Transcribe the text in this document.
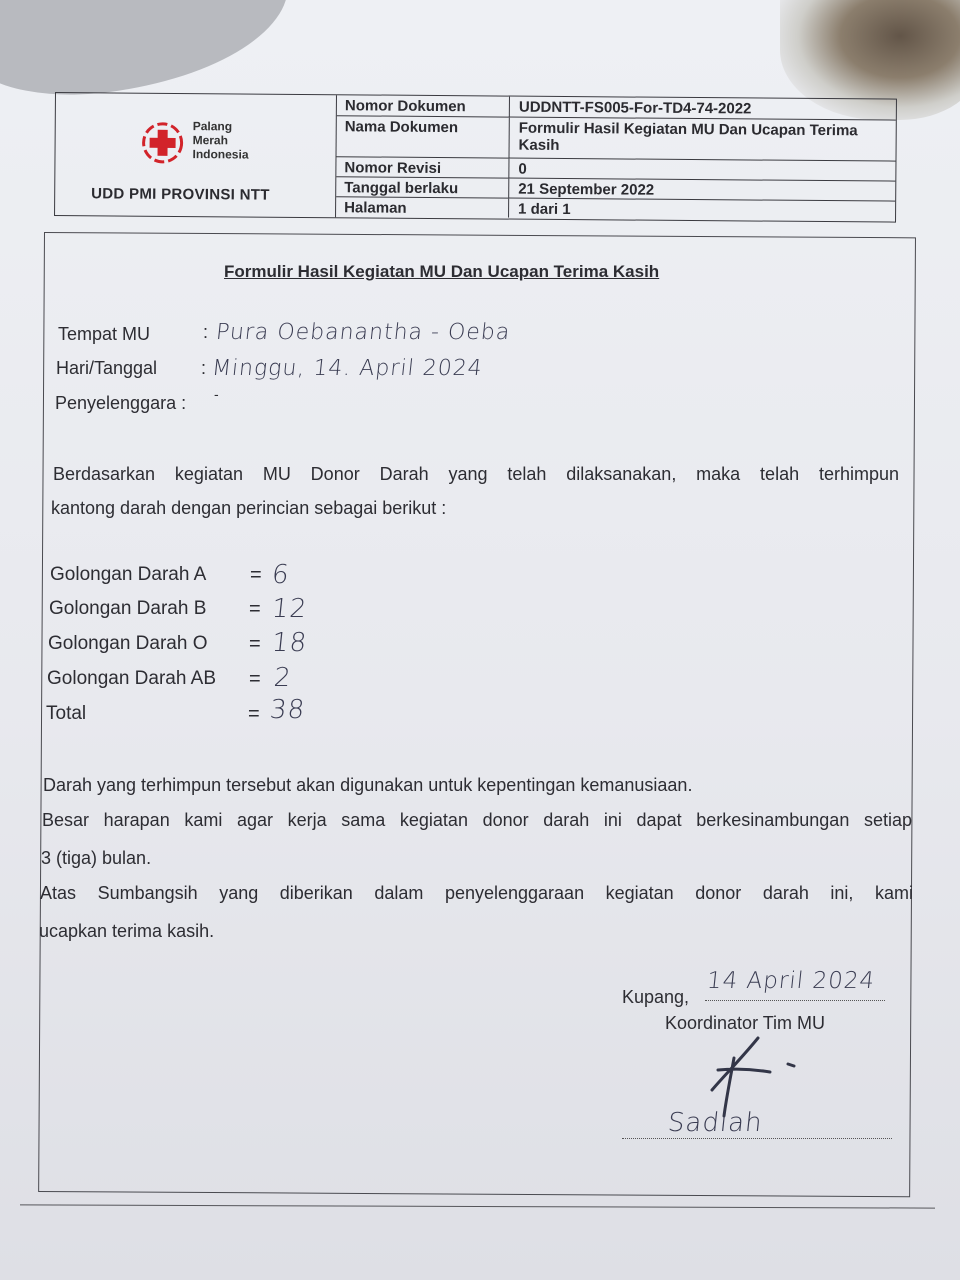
Palang
Merah
Indonesia
UDD PMI PROVINSI NTT
Nomor Dokumen	UDDNTT-FS005-For-TD4-74-2022
Nama Dokumen	Formulir Hasil Kegiatan MU Dan Ucapan Terima Kasih
Nomor Revisi	0
Tanggal berlaku	21 September 2022
Halaman	1 dari 1
Formulir Hasil Kegiatan MU Dan Ucapan Terima Kasih
Tempat MU	: Pura Oebanantha - Oeba
Hari/Tanggal : Minggu, 14. April 2024
Penyelenggara : -
Berdasarkan kegiatan MU Donor Darah yang telah dilaksanakan, maka telah terhimpun
kantong darah dengan perincian sebagai berikut :
Golongan Darah A = 6
Golongan Darah B = 12
Golongan Darah O = 18
Golongan Darah AB = 2
Total	= 38
Darah yang terhimpun tersebut akan digunakan untuk kepentingan kemanusiaan.
Besar harapan kami agar kerja sama kegiatan donor darah ini dapat berkesinambungan setiap
3 (tiga) bulan.
Atas Sumbangsih yang diberikan dalam penyelenggaraan kegiatan donor darah ini, kami
ucapkan terima kasih.
Kupang,
14 April 2024
Koordinator Tim MU
Sadiah
